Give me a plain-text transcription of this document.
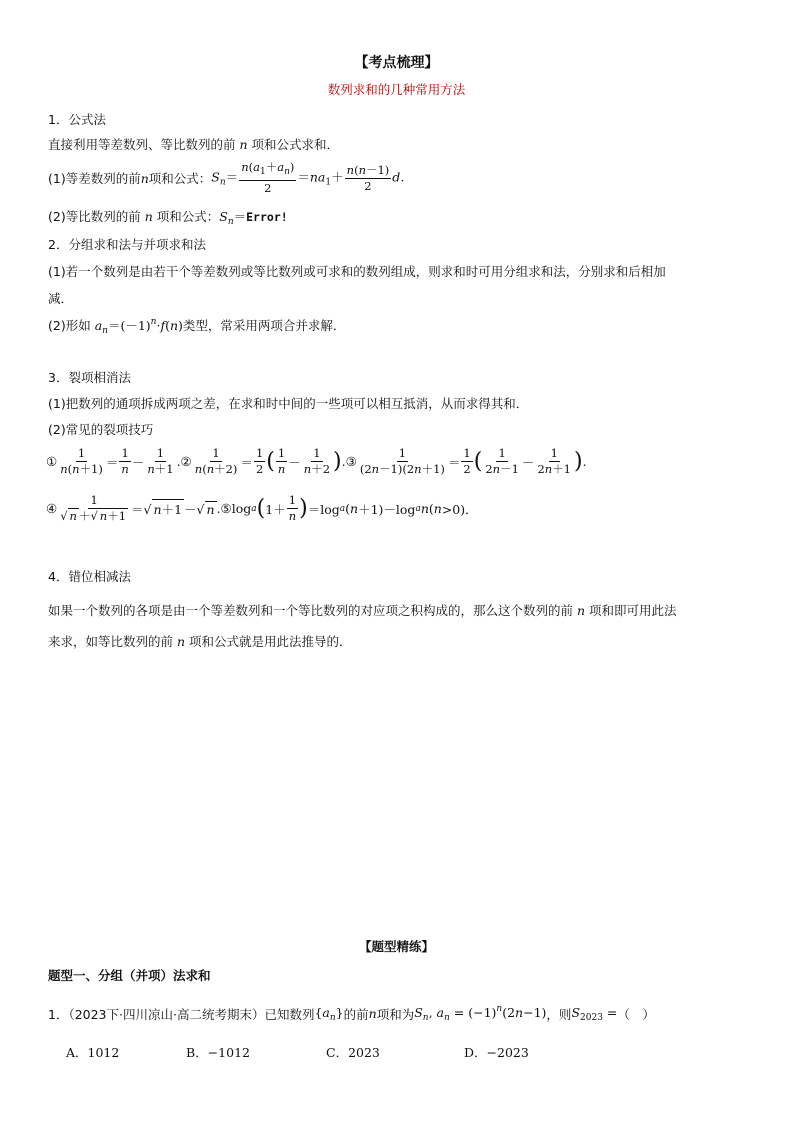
【考点梳理】
数列求和的几种常用方法
1．公式法
直接利用等差数列、等比数列的前 n 项和公式求和．
(1)等差数列的前 n 项和公式： $S_n= \frac{n(a_1+a_n)}{2} =na_1+ \frac{n(n-1)}{2} d$.
(2)等比数列的前 n 项和公式：$S_n=Error$!
2．分组求和法与并项求和法
(1)若一个数列是由若干个等差数列或等比数列或可求和的数列组成，则求和时可用分组求和法，分别求和后相加
减．
(2)形如 $a_n=(-1)^n\cdot f(n)$类型，常采用两项合并求解．
3．裂项相消法
(1)把数列的通项拆成两项之差，在求和时中间的一些项可以相互抵消，从而求得其和．
(2)常见的裂项技巧
① $\frac{1}{n(n+1)} = \frac{1}{n} - \frac{1}{n+1}$ .② $\frac{1}{n(n+2)} = \frac{1}{2}$ ( $\frac{1}{n} - \frac{1}{n+2}$ ) .③ $\frac{1}{(2n-1)(2n+1)} = \frac{1}{2}$ ( $\frac{1}{2n-1} - \frac{1}{2n+1}$ ) .
④ $\frac{1}{√ n +√ n+1}$ ＝√ n＋1 －√ n .⑤log a ( $1+ \frac{1}{n}$ ) ＝log a ( n ＋1)－log a n ( n >0)．
4．错位相减法
如果一个数列的各项是由一个等差数列和一个等比数列的对应项之积构成的，那么这个数列的前 n 项和即可用此法
来求，如等比数列的前 n 项和公式就是用此法推导的．
【题型精练】
题型一、分组（并项）法求和
1．（2023下·四川凉山·高二统考期末）已知数列 $\{a_n\}$ 的前 n 项和为 $S_n$, $a_n = (-1)^n(2n-1)$ ，则 $S_{2023}$ = （　）
A．1012	B．−1012	C．2023	D．−2023
